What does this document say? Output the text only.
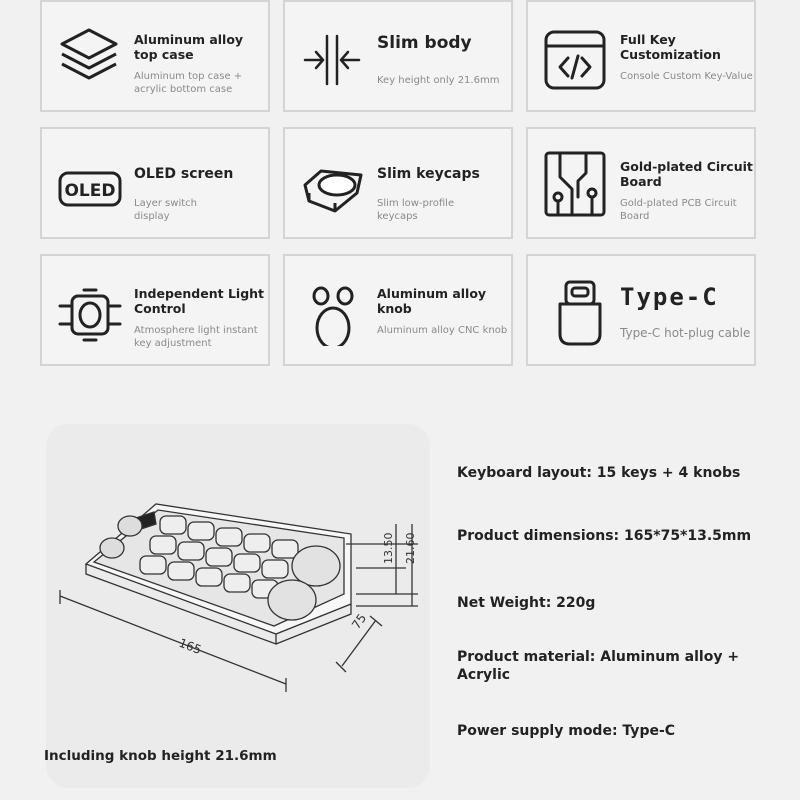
Aluminum alloy top case
Aluminum top case + acrylic bottom case
Slim body
Key height only 21.6mm
Full Key Customization
Console Custom Key-Value
OLED
OLED screen
Layer switch display
Slim keycaps
Slim low-profile keycaps
Gold-plated Circuit Board
Gold-plated PCB Circuit Board
Independent Light Control
Atmosphere light instant key adjustment
Aluminum alloy knob
Aluminum alloy CNC knob
Type-C
Type-C hot-plug cable
165
75
13.50 21.60
Including knob height 21.6mm
Keyboard layout: 15 keys + 4 knobs
Product dimensions: 165*75*13.5mm
Net Weight: 220g
Product material: Aluminum alloy + Acrylic
Power supply mode: Type-C
